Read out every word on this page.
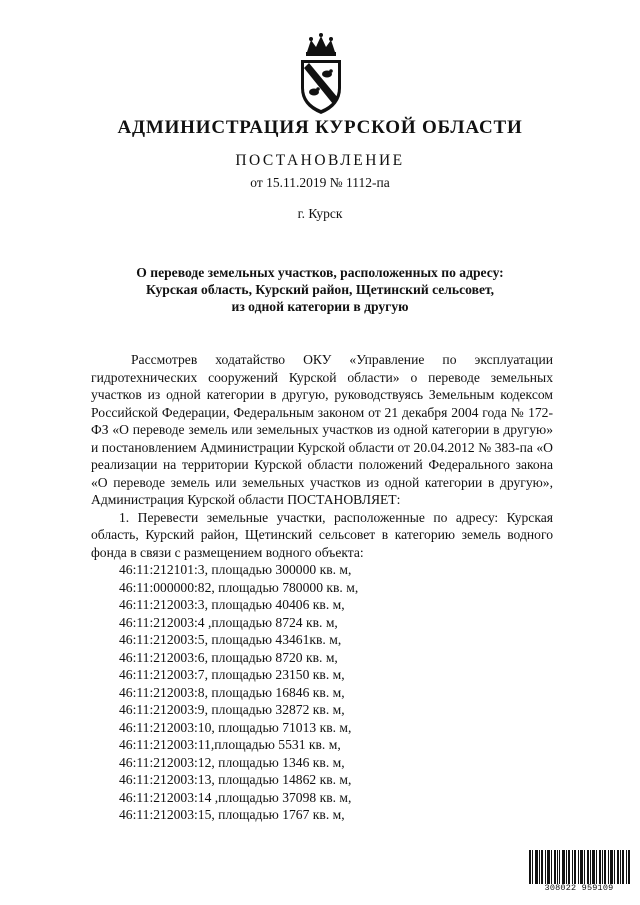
АДМИНИСТРАЦИЯ КУРСКОЙ ОБЛАСТИ
ПОСТАНОВЛЕНИЕ
от 15.11.2019 № 1112-па
г. Курск
О переводе земельных участков, расположенных по адресу:
Курская область, Курский район, Щетинский сельсовет,
из одной категории в другую
Рассмотрев ходатайство ОКУ «Управление по эксплуатации гидротехнических сооружений Курской области» о переводе земельных участков из одной категории в другую, руководствуясь Земельным кодексом Российской Федерации, Федеральным законом от 21 декабря 2004 года № 172-ФЗ «О переводе земель или земельных участков из одной категории в другую» и постановлением Администрации Курской области от 20.04.2012 № 383-па «О реализации на территории Курской области положений Федерального закона «О переводе земель или земельных участков из одной категории в другую», Администрация Курской области ПОСТАНОВЛЯЕТ:
1. Перевести земельные участки, расположенные по адресу: Курская область, Курский район, Щетинский сельсовет в категорию земель водного фонда в связи с размещением водного объекта:
46:11:212101:3, площадью 300000 кв. м,
46:11:000000:82, площадью 780000 кв. м,
46:11:212003:3, площадью 40406 кв. м,
46:11:212003:4 ,площадью 8724 кв. м,
46:11:212003:5, площадью 43461кв. м,
46:11:212003:6, площадью 8720 кв. м,
46:11:212003:7, площадью 23150 кв. м,
46:11:212003:8, площадью 16846 кв. м,
46:11:212003:9, площадью 32872 кв. м,
46:11:212003:10, площадью 71013 кв. м,
46:11:212003:11,площадью 5531 кв. м,
46:11:212003:12, площадью 1346 кв. м,
46:11:212003:13, площадью 14862 кв. м,
46:11:212003:14 ,площадью 37098 кв. м,
46:11:212003:15, площадью 1767 кв. м,
308022 959109
